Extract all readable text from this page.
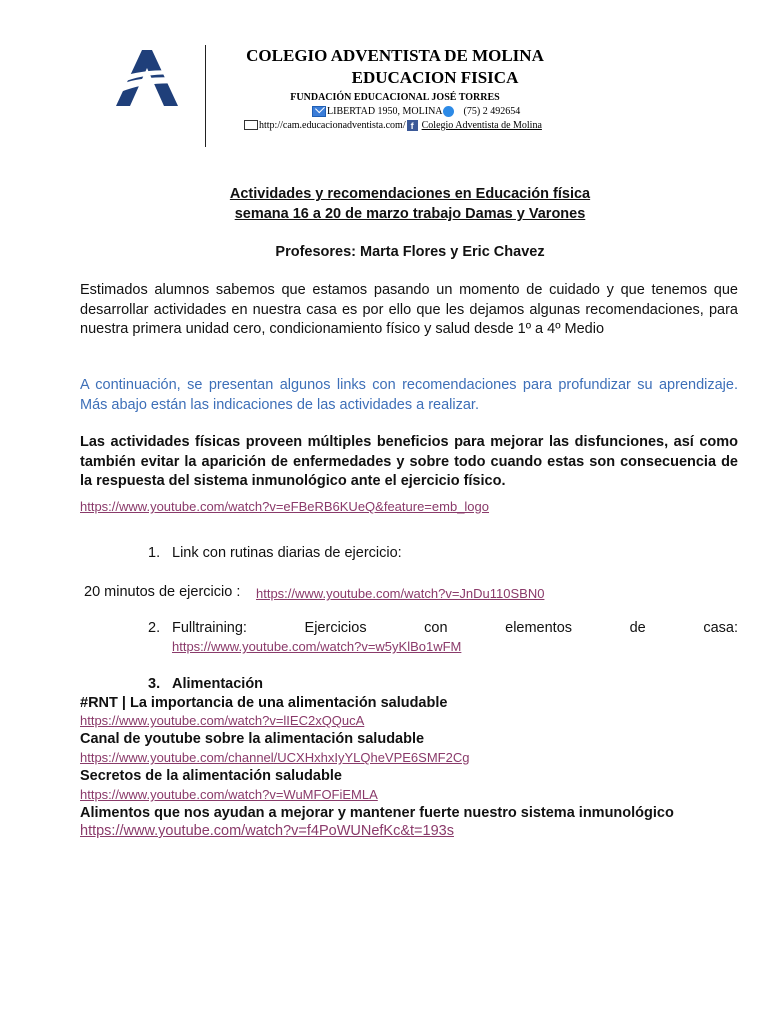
COLEGIO ADVENTISTA DE MOLINA
EDUCACION FISICA
FUNDACIÓN EDUCACIONAL JOSÉ TORRES
LIBERTAD 1950, MOLINA (75) 2 492654
http://cam.educacionadventista.com/ f Colegio Adventista de Molina
Actividades y recomendaciones en Educación física
semana 16 a 20 de marzo trabajo Damas y Varones
Profesores: Marta Flores y Eric Chavez
Estimados alumnos sabemos que estamos pasando un momento de cuidado y que tenemos que desarrollar actividades en nuestra casa es por ello que les dejamos algunas recomendaciones, para nuestra primera unidad cero, condicionamiento físico y salud desde 1º a 4º Medio
A continuación, se presentan algunos links con recomendaciones para profundizar su aprendizaje. Más abajo están las indicaciones de las actividades a realizar.
Las actividades físicas proveen múltiples beneficios para mejorar las disfunciones, así como también evitar la aparición de enfermedades y sobre todo cuando estas son consecuencia de la respuesta del sistema inmunológico ante el ejercicio físico.
https://www.youtube.com/watch?v=eFBeRB6KUeQ&feature=emb_logo
1. Link con rutinas diarias de ejercicio:
20 minutos de ejercicio : https://www.youtube.com/watch?v=JnDu110SBN0
2. Fulltraining:	Ejercicios	con	elementos	de	casa:
https://www.youtube.com/watch?v=w5yKlBo1wFM
3. Alimentación
#RNT | La importancia de una alimentación saludable
https://www.youtube.com/watch?v=lIEC2xQQucA
Canal de youtube sobre la alimentación saludable
https://www.youtube.com/channel/UCXHxhxIyYLQheVPE6SMF2Cg
Secretos de la alimentación saludable
https://www.youtube.com/watch?v=WuMFOFiEMLA
Alimentos que nos ayudan a mejorar y mantener fuerte nuestro sistema inmunológico
https://www.youtube.com/watch?v=f4PoWUNefKc&t=193s
